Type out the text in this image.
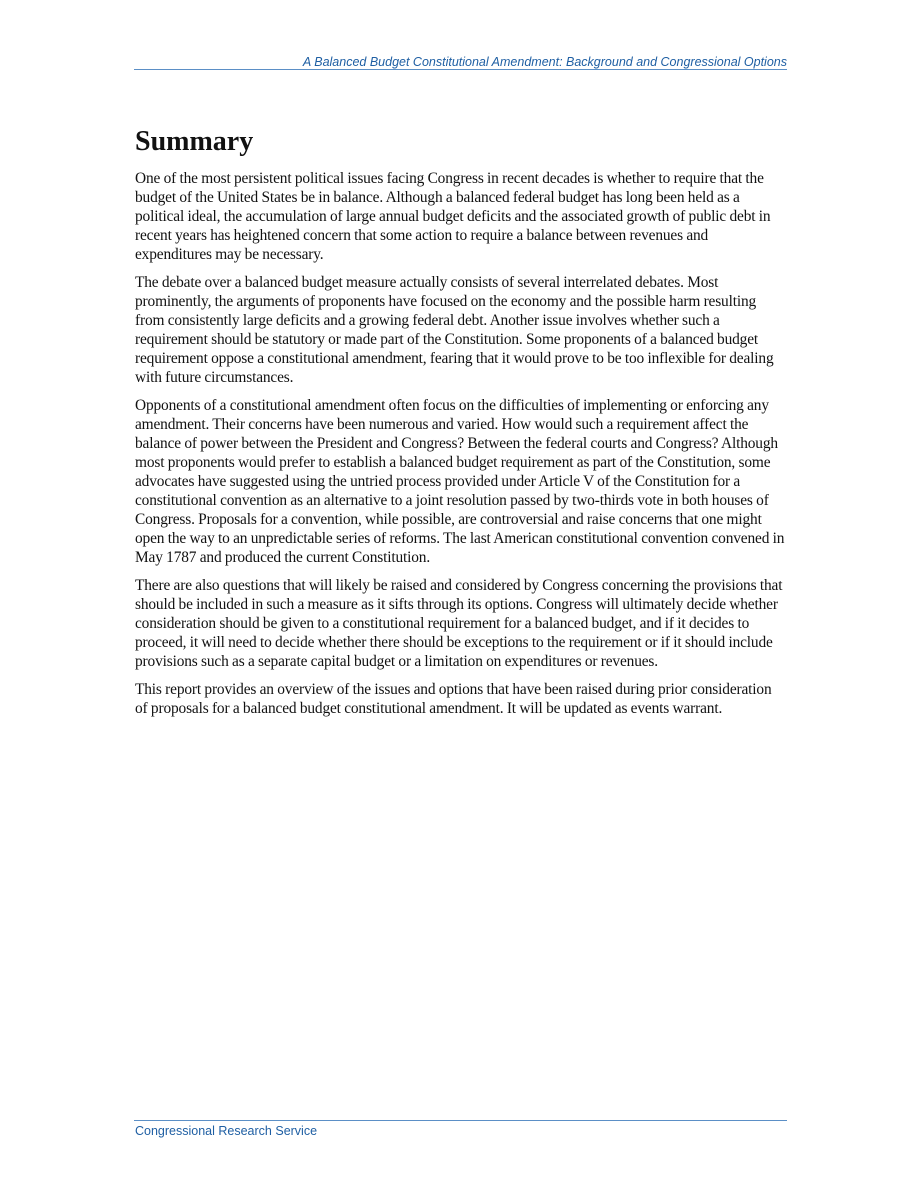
A Balanced Budget Constitutional Amendment: Background and Congressional Options
Summary

One of the most persistent political issues facing Congress in recent decades is whether to require that the budget of the United States be in balance. Although a balanced federal budget has long been held as a political ideal, the accumulation of large annual budget deficits and the associated growth of public debt in recent years has heightened concern that some action to require a balance between revenues and expenditures may be necessary.

The debate over a balanced budget measure actually consists of several interrelated debates. Most prominently, the arguments of proponents have focused on the economy and the possible harm resulting from consistently large deficits and a growing federal debt. Another issue involves whether such a requirement should be statutory or made part of the Constitution. Some proponents of a balanced budget requirement oppose a constitutional amendment, fearing that it would prove to be too inflexible for dealing with future circumstances.

Opponents of a constitutional amendment often focus on the difficulties of implementing or enforcing any amendment. Their concerns have been numerous and varied. How would such a requirement affect the balance of power between the President and Congress? Between the federal courts and Congress? Although most proponents would prefer to establish a balanced budget requirement as part of the Constitution, some advocates have suggested using the untried process provided under Article V of the Constitution for a constitutional convention as an alternative to a joint resolution passed by two-thirds vote in both houses of Congress. Proposals for a convention, while possible, are controversial and raise concerns that one might open the way to an unpredictable series of reforms. The last American constitutional convention convened in May 1787 and produced the current Constitution.

There are also questions that will likely be raised and considered by Congress concerning the provisions that should be included in such a measure as it sifts through its options. Congress will ultimately decide whether consideration should be given to a constitutional requirement for a balanced budget, and if it decides to proceed, it will need to decide whether there should be exceptions to the requirement or if it should include provisions such as a separate capital budget or a limitation on expenditures or revenues.

This report provides an overview of the issues and options that have been raised during prior consideration of proposals for a balanced budget constitutional amendment. It will be updated as events warrant.

Congressional Research Service
